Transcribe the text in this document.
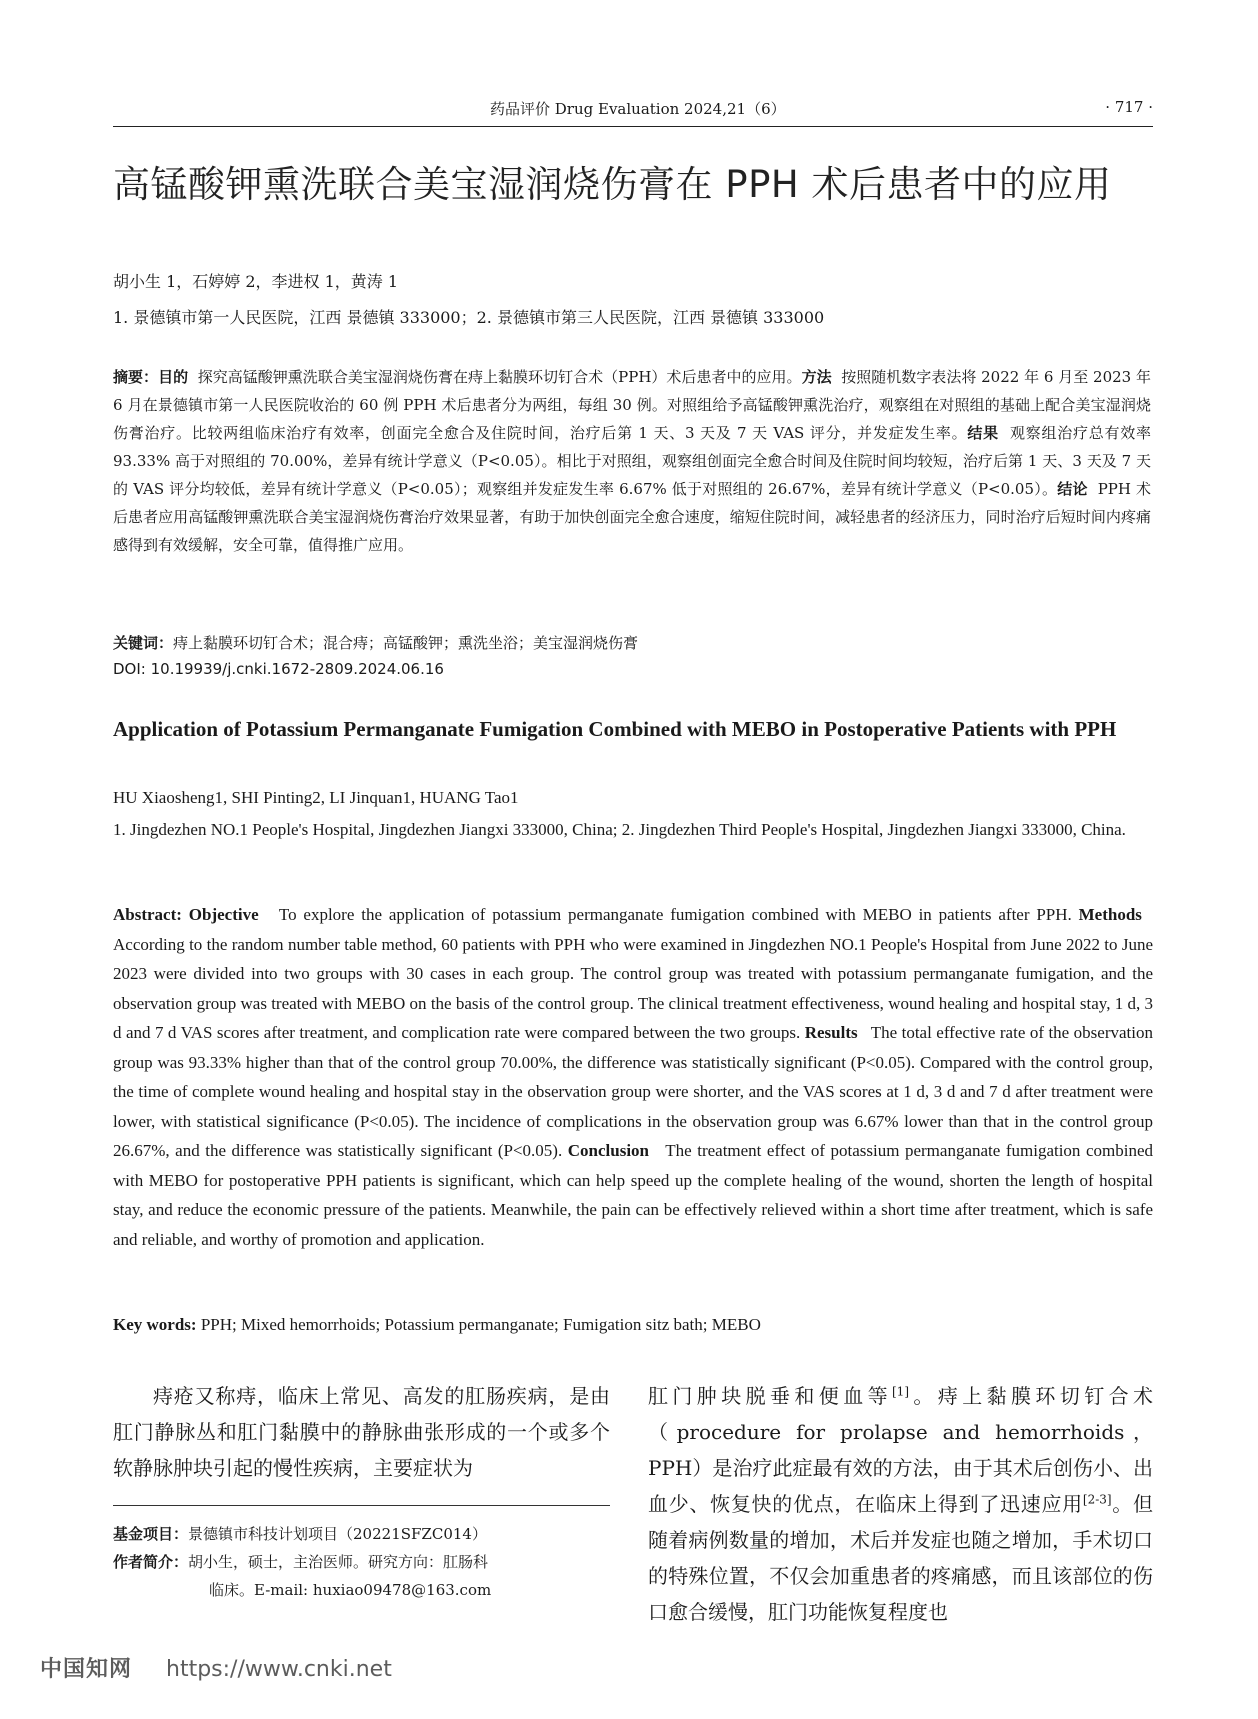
药品评价 Drug Evaluation 2024,21（6）	· 717 ·
高锰酸钾熏洗联合美宝湿润烧伤膏在 PPH 术后患者中的应用
胡小生 1，石婷婷 2，李进权 1，黄涛 1
1. 景德镇市第一人民医院，江西 景德镇 333000；2. 景德镇市第三人民医院，江西 景德镇 333000
摘要：目的 探究高锰酸钾熏洗联合美宝湿润烧伤膏在痔上黏膜环切钉合术（PPH）术后患者中的应用。方法 按照随机数字表法将 2022 年 6 月至 2023 年 6 月在景德镇市第一人民医院收治的 60 例 PPH 术后患者分为两组，每组 30 例。对照组给予高锰酸钾熏洗治疗，观察组在对照组的基础上配合美宝湿润烧伤膏治疗。比较两组临床治疗有效率，创面完全愈合及住院时间，治疗后第 1 天、3 天及 7 天 VAS 评分，并发症发生率。结果 观察组治疗总有效率 93.33% 高于对照组的 70.00%，差异有统计学意义（P<0.05）。相比于对照组，观察组创面完全愈合时间及住院时间均较短，治疗后第 1 天、3 天及 7 天的 VAS 评分均较低，差异有统计学意义（P<0.05）；观察组并发症发生率 6.67% 低于对照组的 26.67%，差异有统计学意义（P<0.05）。结论 PPH 术后患者应用高锰酸钾熏洗联合美宝湿润烧伤膏治疗效果显著，有助于加快创面完全愈合速度，缩短住院时间，减轻患者的经济压力，同时治疗后短时间内疼痛感得到有效缓解，安全可靠，值得推广应用。
关键词：痔上黏膜环切钉合术；混合痔；高锰酸钾；熏洗坐浴；美宝湿润烧伤膏
DOI: 10.19939/j.cnki.1672-2809.2024.06.16
Application of Potassium Permanganate Fumigation Combined with MEBO in Postoperative Patients with PPH
HU Xiaosheng1, SHI Pinting2, LI Jinquan1, HUANG Tao1
1. Jingdezhen NO.1 People's Hospital, Jingdezhen Jiangxi 333000, China; 2. Jingdezhen Third People's Hospital, Jingdezhen Jiangxi 333000, China.
Abstract: Objective To explore the application of potassium permanganate fumigation combined with MEBO in patients after PPH. Methods   According to the random number table method, 60 patients with PPH who were examined in Jingdezhen NO.1 People's Hospital from June 2022 to June 2023 were divided into two groups with 30 cases in each group. The control group was treated with potassium permanganate fumigation, and the observation group was treated with MEBO on the basis of the control group. The clinical treatment effectiveness, wound healing and hospital stay, 1 d, 3 d and 7 d VAS scores after treatment, and complication rate were compared between the two groups. Results The total effective rate of the observation group was 93.33% higher than that of the control group 70.00%, the difference was statistically significant (P<0.05). Compared with the control group, the time of complete wound healing and hospital stay in the observation group were shorter, and the VAS scores at 1 d, 3 d and 7 d after treatment were lower, with statistical significance (P<0.05). The incidence of complications in the observation group was 6.67% lower than that in the control group 26.67%, and the difference was statistically significant (P<0.05). Conclusion The treatment effect of potassium permanganate fumigation combined with MEBO for postoperative PPH patients is significant, which can help speed up the complete healing of the wound, shorten the length of hospital stay, and reduce the economic pressure of the patients. Meanwhile, the pain can be effectively relieved within a short time after treatment, which is safe and reliable, and worthy of promotion and application.
Key words: PPH; Mixed hemorrhoids; Potassium permanganate; Fumigation sitz bath; MEBO

痔疮又称痔，临床上常见、高发的肛肠疾病，是由肛门静脉丛和肛门黏膜中的静脉曲张形成的一个或多个软静脉肿块引起的慢性疾病，主要症状为

肛门肿块脱垂和便血等[1]。痔上黏膜环切钉合术（procedure for prolapse and hemorrhoids，PPH）是治疗此症最有效的方法，由于其术后创伤小、出血少、恢复快的优点，在临床上得到了迅速应用[2-3]。但随着病例数量的增加，术后并发症也随之增加，手术切口的特殊位置，不仅会加重患者的疼痛感，而且该部位的伤口愈合缓慢，肛门功能恢复程度也

基金项目：景德镇市科技计划项目（20221SFZC014）
作者简介：胡小生，硕士，主治医师。研究方向：肛肠科
临床。E-mail: huxiao09478@163.com
中国知网 https://www.cnki.net
